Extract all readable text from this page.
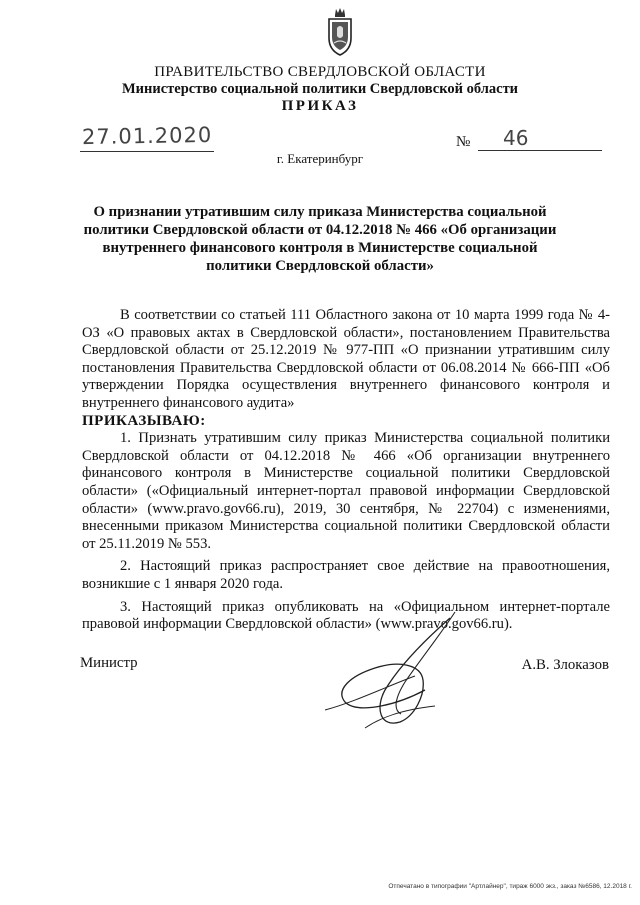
ПРАВИТЕЛЬСТВО СВЕРДЛОВСКОЙ ОБЛАСТИ
Министерство социальной политики Свердловской области
ПРИКАЗ
27.01.2020	№ 46
г. Екатеринбург
О признании утратившим силу приказа Министерства социальной политики Свердловской области от 04.12.2018 № 466 «Об организации внутреннего финансового контроля в Министерстве социальной политики Свердловской области»

В соответствии со статьей 111 Областного закона от 10 марта 1999 года № 4-ОЗ «О правовых актах в Свердловской области», постановлением Правительства Свердловской области от 25.12.2019 № 977-ПП «О признании утратившим силу постановления Правительства Свердловской области от 06.08.2014 № 666-ПП «Об утверждении Порядка осуществления внутреннего финансового контроля и внутреннего финансового аудита»

ПРИКАЗЫВАЮ:

1. Признать утратившим силу приказ Министерства социальной политики Свердловской области от 04.12.2018 № 466 «Об организации внутреннего финансового контроля в Министерстве социальной политики Свердловской области» («Официальный интернет-портал правовой информации Свердловской области» (www.pravo.gov66.ru), 2019, 30 сентября, № 22704) с изменениями, внесенными приказом Министерства социальной политики Свердловской области от 25.11.2019 № 553.

2. Настоящий приказ распространяет свое действие на правоотношения, возникшие с 1 января 2020 года.

3. Настоящий приказ опубликовать на «Официальном интернет-портале правовой информации Свердловской области» (www.pravo.gov66.ru).

Министр	А.В. Злоказов
Отпечатано в типографии "Артлайнер", тираж 6000 экз., заказ №6586, 12.2018 г.
